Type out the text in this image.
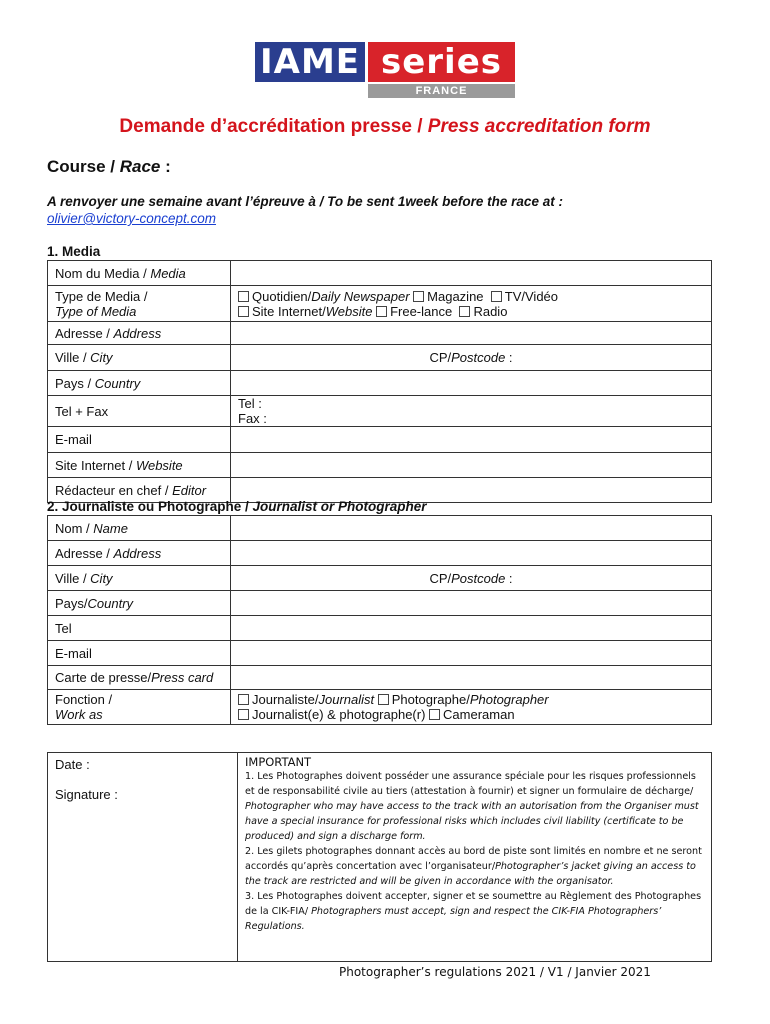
IAME series
FRANCE
Demande d’accréditation presse / Press accreditation form
Course / Race :
A renvoyer une semaine avant l’épreuve à / To be sent 1week before the race at :
olivier@victory-concept.com
1. Media
Nom du Media / Media	
Type de Media /
Type of Media	Quotidien/Daily Newspaper Magazine TV/Vidéo
Site Internet/Website Free-lance Radio
Adresse / Address	
Ville / City	CP/Postcode :
Pays / Country	
Tel + Fax	Tel :
Fax :
E-mail	
Site Internet / Website	
Rédacteur en chef / Editor	
2. Journaliste ou Photographe / Journalist or Photographer
Nom / Name	
Adresse / Address	
Ville / City	CP/Postcode :
Pays/Country	
Tel	
E-mail	
Carte de presse/Press card	
Fonction /
Work as	Journaliste/Journalist Photographe/Photographer
Journalist(e) & photographe(r) Cameraman
Date :
Signature :

IMPORTANT
1. Les Photographes doivent posséder une assurance spéciale pour les risques professionnels et de responsabilité civile au tiers (attestation à fournir) et signer un formulaire de décharge/ Photographer who may have access to the track with an autorisation from the Organiser must have a special insurance for professional risks which includes civil liability (certificate to be produced) and sign a discharge form.
2. Les gilets photographes donnant accès au bord de piste sont limités en nombre et ne seront accordés qu’après concertation avec l’organisateur/Photographer’s jacket giving an access to the track are restricted and will be given in accordance with the organisator.
3. Les Photographes doivent accepter, signer et se soumettre au Règlement des Photographes de la CIK-FIA/ Photographers must accept, sign and respect the CIK-FIA Photographers’ Regulations.
Photographer’s regulations 2021 / V1 / Janvier 2021
